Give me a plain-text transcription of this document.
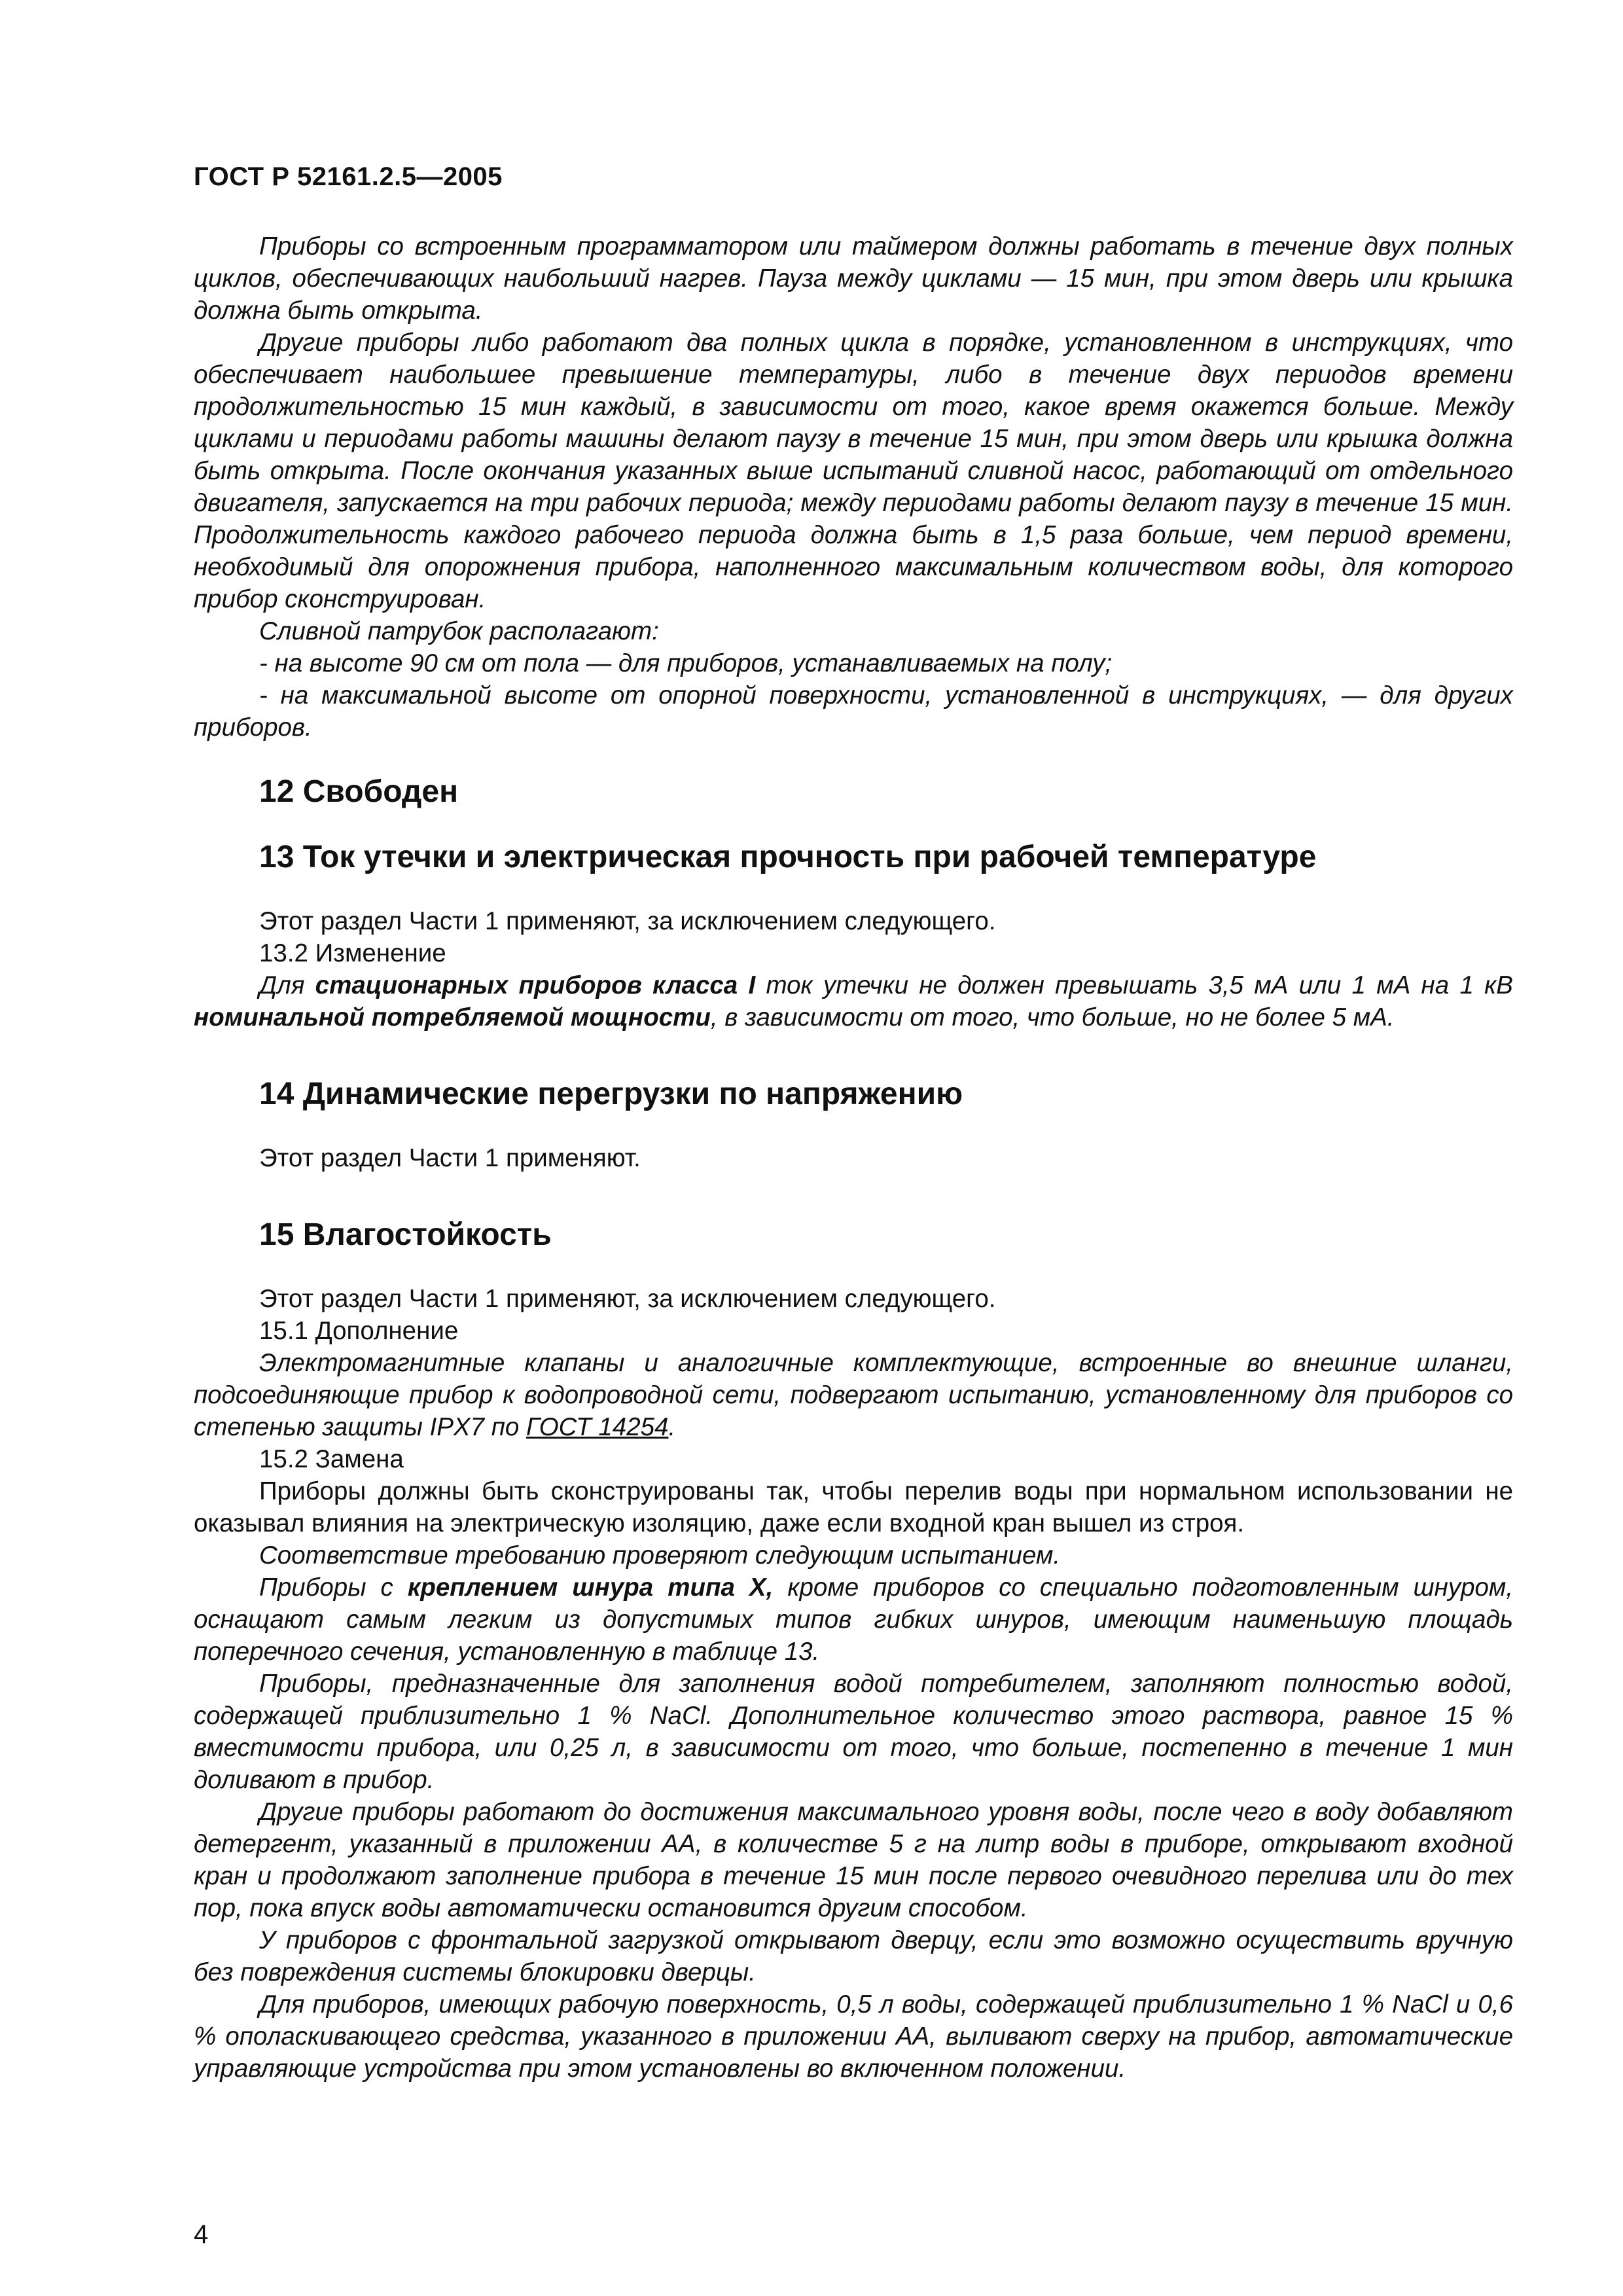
ГОСТ Р 52161.2.5—2005

Приборы со встроенным программатором или таймером должны работать в течение двух полных циклов, обеспечивающих наибольший нагрев. Пауза между циклами — 15 мин, при этом дверь или крышка должна быть открыта.

Другие приборы либо работают два полных цикла в порядке, установленном в инструкциях, что обеспечивает наибольшее превышение температуры, либо в течение двух периодов времени продолжительностью 15 мин каждый, в зависимости от того, какое время окажется больше. Между циклами и периодами работы машины делают паузу в течение 15 мин, при этом дверь или крышка должна быть открыта. После окончания указанных выше испытаний сливной насос, работающий от отдельного двигателя, запускается на три рабочих периода; между периодами работы делают паузу в течение 15 мин. Продолжительность каждого рабочего периода должна быть в 1,5 раза больше, чем период времени, необходимый для опорожнения прибора, наполненного максимальным количеством воды, для которого прибор сконструирован.

Сливной патрубок располагают:

- на высоте 90 см от пола — для приборов, устанавливаемых на полу;

- на максимальной высоте от опорной поверхности, установленной в инструкциях, — для других приборов.

12 Свободен
13 Ток утечки и электрическая прочность при рабочей температуре

Этот раздел Части 1 применяют, за исключением следующего.

13.2 Изменение

Для стационарных приборов класса I ток утечки не должен превышать 3,5 мА или 1 мА на 1 кВ номинальной потребляемой мощности, в зависимости от того, что больше, но не более 5 мА.

14 Динамические перегрузки по напряжению

Этот раздел Части 1 применяют.

15 Влагостойкость

Этот раздел Части 1 применяют, за исключением следующего.

15.1 Дополнение

Электромагнитные клапаны и аналогичные комплектующие, встроенные во внешние шланги, подсоединяющие прибор к водопроводной сети, подвергают испытанию, установленному для приборов со степенью защиты IPX7 по ГОСТ 14254.

15.2 Замена

Приборы должны быть сконструированы так, чтобы перелив воды при нормальном использовании не оказывал влияния на электрическую изоляцию, даже если входной кран вышел из строя.

Соответствие требованию проверяют следующим испытанием.

Приборы с креплением шнура типа X, кроме приборов со специально подготовленным шнуром, оснащают самым легким из допустимых типов гибких шнуров, имеющим наименьшую площадь поперечного сечения, установленную в таблице 13.

Приборы, предназначенные для заполнения водой потребителем, заполняют полностью водой, содержащей приблизительно 1 % NaCl. Дополнительное количество этого раствора, равное 15 % вместимости прибора, или 0,25 л, в зависимости от того, что больше, постепенно в течение 1 мин доливают в прибор.

Другие приборы работают до достижения максимального уровня воды, после чего в воду добавляют детергент, указанный в приложении АА, в количестве 5 г на литр воды в приборе, открывают входной кран и продолжают заполнение прибора в течение 15 мин после первого очевидного перелива или до тех пор, пока впуск воды автоматически остановится другим способом.

У приборов с фронтальной загрузкой открывают дверцу, если это возможно осуществить вручную без повреждения системы блокировки дверцы.

Для приборов, имеющих рабочую поверхность, 0,5 л воды, содержащей приблизительно 1 % NaCl и 0,6 % ополаскивающего средства, указанного в приложении АА, выливают сверху на прибор, автоматические управляющие устройства при этом установлены во включенном положении.

4
